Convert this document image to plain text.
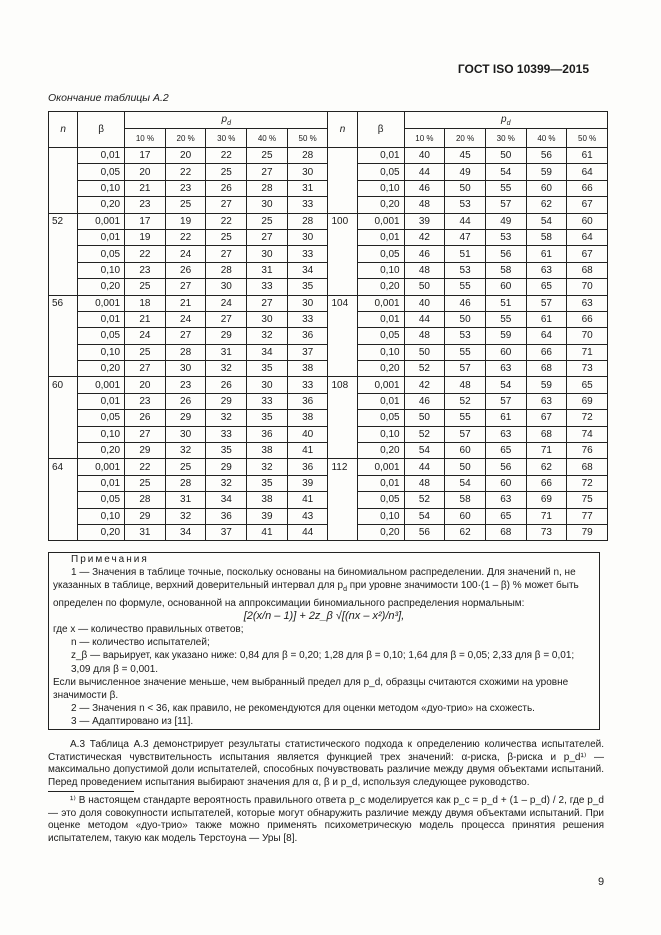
ГОСТ ISO 10399—2015
Окончание таблицы А.2
n	β	$p_d$					n	β	$p_d$
		10 %	20 %	30 %	40 %	50 %			10 %	20 %	30 %	40 %	50 %
	0,01	17	20	22	25	28		0,01	40	45	50	56	61
	0,05	20	22	25	27	30		0,05	44	49	54	59	64
	0,10	21	23	26	28	31		0,10	46	50	55	60	66
	0,20	23	25	27	30	33		0,20	48	53	57	62	67
52	0,001	17	19	22	25	28	100	0,001	39	44	49	54	60
	0,01	19	22	25	27	30		0,01	42	47	53	58	64
	0,05	22	24	27	30	33		0,05	46	51	56	61	67
	0,10	23	26	28	31	34		0,10	48	53	58	63	68
	0,20	25	27	30	33	35		0,20	50	55	60	65	70
56	0,001	18	21	24	27	30	104	0,001	40	46	51	57	63
	0,01	21	24	27	30	33		0,01	44	50	55	61	66
	0,05	24	27	29	32	36		0,05	48	53	59	64	70
	0,10	25	28	31	34	37		0,10	50	55	60	66	71
	0,20	27	30	32	35	38		0,20	52	57	63	68	73
60	0,001	20	23	26	30	33	108	0,001	42	48	54	59	65
	0,01	23	26	29	33	36		0,01	46	52	57	63	69
	0,05	26	29	32	35	38		0,05	50	55	61	67	72
	0,10	27	30	33	36	40		0,10	52	57	63	68	74
	0,20	29	32	35	38	41		0,20	54	60	65	71	76
64	0,001	22	25	29	32	36	112	0,001	44	50	56	62	68
	0,01	25	28	32	35	39		0,01	48	54	60	66	72
	0,05	28	31	34	38	41		0,05	52	58	63	69	75
	0,10	29	32	36	39	43		0,10	54	60	65	71	77
	0,20	31	34	37	41	44		0,20	56	62	68	73	79

Примечания

1 — Значения в таблице точные, поскольку основаны на биномиальном распределении. Для значений n, не указанных в таблице, верхний доверительный интервал для $p_d$ при уровне значимости 100·(1 – β) % может быть определен по формуле, основанной на аппроксимации биномиального распределения нормальным:

[2(x/n – 1)] + 2z_β √[(nx – x²)/n³],

где x — количество правильных ответов;

n — количество испытателей;

z_β — варьирует, как указано ниже: 0,84 для β = 0,20; 1,28 для β = 0,10; 1,64 для β = 0,05; 2,33 для β = 0,01; 3,09 для β = 0,001.

Если вычисленное значение меньше, чем выбранный предел для p_d, образцы считаются схожими на уровне значимости β.

2 — Значения n < 36, как правило, не рекомендуются для оценки методом «дуо-трио» на схожесть.

3 — Адаптировано из [11].

А.3 Таблица А.3 демонстрирует результаты статистического подхода к определению количества испытателей. Статистическая чувствительность испытания является функцией трех значений: α-риска, β-риска и p_d¹⁾ — максимально допустимой доли испытателей, способных почувствовать различие между двумя объектами испытаний. Перед проведением испытания выбирают значения для α, β и p_d, используя следующее руководство.
¹⁾ В настоящем стандарте вероятность правильного ответа p_c моделируется как p_c = p_d + (1 – p_d) / 2, где p_d — это доля совокупности испытателей, которые могут обнаружить различие между двумя объектами испытаний. При оценке методом «дуо-трио» также можно применять психометрическую модель процесса принятия решения испытателем, такую как модель Терстоуна — Уры [8].
9
